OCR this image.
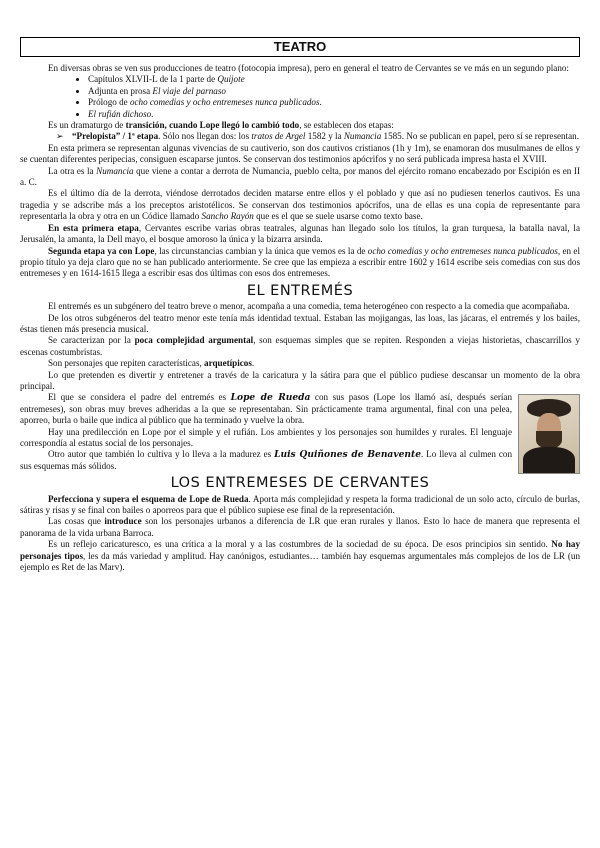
TEATRO

En diversas obras se ven sus producciones de teatro (fotocopia impresa), pero en general el teatro de Cervantes se ve más en un segundo plano:

• Capítulos XLVII-L de la 1 parte de Quijote
• Adjunta en prosa El viaje del parnaso
• Prólogo de ocho comedias y ocho entremeses nunca publicados.
• El rufián dichoso.

Es un dramaturgo de transición, cuando Lope llegó lo cambió todo, se establecen dos etapas:

➢ “Prelopista” / 1ª etapa. Sólo nos llegan dos: los tratos de Argel 1582 y la Numancia 1585. No se publican en papel, pero sí se representan.

En esta primera se representan algunas vivencias de su cautiverio, son dos cautivos cristianos (1h y 1m), se enamoran dos musulmanes de ellos y se cuentan diferentes peripecias, consiguen escaparse juntos. Se conservan dos testimonios apócrifos y no será publicada impresa hasta el XVIII.

La otra es la Numancia que viene a contar a derrota de Numancia, pueblo celta, por manos del ejército romano encabezado por Escipión es en II a. C.

Es el último día de la derrota, viéndose derrotados deciden matarse entre ellos y el poblado y que así no pudiesen tenerlos cautivos. Es una tragedia y se adscribe más a los preceptos aristotélicos. Se conservan dos testimonios apócrifos, una de ellas es una copia de representante para representarla la obra y otra en un Códice llamado Sancho Rayón que es el que se suele usarse como texto base.

En esta primera etapa, Cervantes escribe varias obras teatrales, algunas han llegado solo los títulos, la gran turquesa, la batalla naval, la Jerusalén, la amanta, la Dell mayo, el bosque amoroso la única y la bizarra arsinda.

Segunda etapa ya con Lope, las circunstancias cambian y la única que vemos es la de ocho comedias y ocho entremeses nunca publicados, en el propio título ya deja claro que no se han publicado anteriormente. Se cree que las empieza a escribir entre 1602 y 1614 escribe seis comedias con sus dos entremeses y en 1614-1615 llega a escribir esas dos últimas con esos dos entremeses.

EL ENTREMÉS

El entremés es un subgénero del teatro breve o menor, acompaña a una comedia, tema heterogéneo con respecto a la comedia que acompañaba.

De los otros subgéneros del teatro menor este tenía más identidad textual. Estaban las mojigangas, las loas, las jácaras, el entremés y los bailes, éstas tienen más presencia musical.

Se caracterizan por la poca complejidad argumental, son esquemas simples que se repiten. Responden a viejas historietas, chascarrillos y escenas costumbristas.

Son personajes que repiten características, arquetípicos.

Lo que pretenden es divertir y entretener a través de la caricatura y la sátira para que el público pudiese descansar un momento de la obra principal.

El que se considera el padre del entremés es Lope de Rueda con sus pasos (Lope los llamó así, después serían entremeses), son obras muy breves adheridas a la que se representaban. Sin prácticamente trama argumental, final con una pelea, aporreo, burla o baile que indica al público que ha terminado y vuelve la obra.

Hay una predilección en Lope por el simple y el rufián. Los ambientes y los personajes son humildes y rurales. El lenguaje correspondía al estatus social de los personajes.

Otro autor que también lo cultiva y lo lleva a la madurez es Luis Quiñones de Benavente. Lo lleva al culmen con sus esquemas más sólidos.

LOS ENTREMESES DE CERVANTES

Perfecciona y supera el esquema de Lope de Rueda. Aporta más complejidad y respeta la forma tradicional de un solo acto, círculo de burlas, sátiras y risas y se final con bailes o aporreos para que el público supiese ese final de la representación.

Las cosas que introduce son los personajes urbanos a diferencia de LR que eran rurales y llanos. Esto lo hace de manera que representa el panorama de la vida urbana Barroca.

Es un reflejo caricaturesco, es una crítica a la moral y a las costumbres de la sociedad de su época. De esos principios sin sentido. No hay personajes tipos, les da más variedad y amplitud. Hay canónigos, estudiantes… también hay esquemas argumentales más complejos de los de LR (un ejemplo es Ret de las Marv).
